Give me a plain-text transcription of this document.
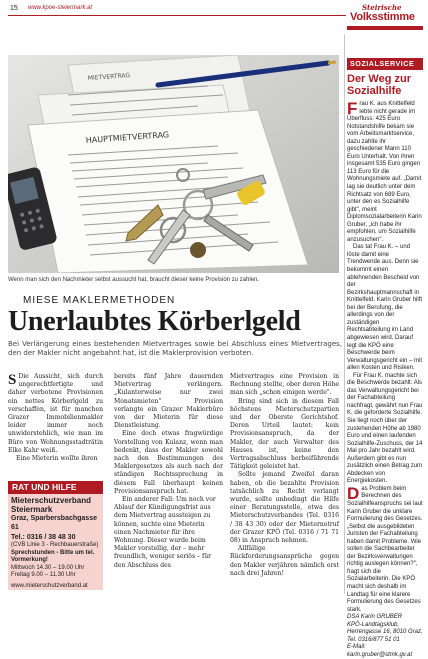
15 www.kpoe-steiermark.at	Steirische
Volksstimme
HAUPTMIETVERTRAG
MIETVERTRAG
Wenn man sich den Nachmieter selbst aussucht hat, braucht dieser keine Provision zu zahlen.
MIESE MAKLERMETHODEN
Unerlaubtes Körberlgeld
Bei Verlängerung eines bestehenden Mietvertrages sowie bei Abschluss eines Mietvertrages, den der Makler nicht angebahnt hat, ist die Maklerprovision verboten.

S Die Aussicht, sich durch ungerechtfertigte und daher verbotene Provisionen ein nettes Körberlgeld zu verschaffen, ist für manchen Grazer Immobilienmakler leider immer noch unwiderstehlich, wie man im Büro von Wohnungsstadträtin Elke Kahr weiß.

Eine Mieterin wollte ihren

bereits fünf Jahre dauernden Mietvertrag verlängern. „Kulanterweise nur zwei Monatsmieten" Provision verlangte ein Grazer Maklerbüro von der Mieterin für diese Dienstleistung.

Eine doch etwas fragwürdige Vorstellung von Kulanz, wenn man bedenkt, dass der Makler sowohl nach den Bestimmungen des Maklergesetzes als auch nach der ständigen Rechtssprechung in diesem Fall überhaupt keinen Provisionsanspruch hat.

Ein anderer Fall: Um noch vor Ablauf der Kündigungsfrist aus dem Mietvertrag aussteigen zu können, suchte eine Mieterin einen Nachmieter für ihre Wohnung. Dieser wurde beim Makler vorstellig, der – mehr freundlich, weniger seriös – für den Abschluss des

Mietvertrages eine Provision in Rechnung stellte, ober deren Höhe man sich „schon einigen werde".

Bring sind sich in diesem Fall höchstens Mieterschutzpartien und der Oberste Gerichtshof. Deren Urteil lautet: kein Provisionsanspruch, da der Makler, der auch Verwalter des Hauses ist, keine den Vertragsabschluss herbeiführende Tätigkeit geleistet hat.

Sollte jemand Zweifel daran haben, ob die bezahlte Provision tatsächlich zu Recht verlangt wurde, sollte unbedingt die Hilfe einer Beratungsstelle, etwa des Mieterschutzverbandes (Tel. 0316 / 38 43 30) oder der Mieternotruf der Grazer KPÖ (Tel. 0316 / 71 71 08) in Anspruch nehmen.

Allfällige Rückforderungsansprüche gegen den Makler verjähren nämlich erst nach drei Jahren!

RAT UND HILFE
Mieterschutzverband Steiermark
Graz, Sparbersbachgasse 61
Tel.: 0316 / 38 48 30
(CVB Linie 3 - Rechbauerstraße)
Sprechstunden - Bitte um tel. Vormerkung!
Mittwoch 14.30 – 19.00 Uhr
Freitag 9.00 – 11.30 Uhr
www.mieterschutzverband.at
SOZIALSERVICE
Der Weg zur Sozialhilfe

Frau K. aus Knittelfeld lebte nicht gerade im Überfluss: 425 Euro Notstandshilfe bekam sie vom Arbeitsmarktservice, dazu zahlte ihr geschiedener Mann 110 Euro Unterhalt. Von ihren insgesamt 535 Euro gingen 113 Euro für die Wohnungsmiete auf. „Damit lag sie deutlich unter dem Richtsatz von 689 Euro, unter den es Sozialhilfe gibt", meint Diplomsozialarbeiterin Karin Gruber, „ich habe ihr empfohlen, um Sozialhilfe anzusuchen".

Das tat Frau K. – und löste damit eine Trendwende aus. Denn sie bekommt einen ablehnenden Bescheid von der Bezirkshauptmannschaft in Knittelfeld. Karin Gruber hilft bei der Berufung, die allerdings von der zuständigen Rechtsabteilung im Land abgewiesen wird. Darauf legt die KPÖ eine Beschwerde beim Verwaltungsgericht ein – mit allen Kosten und Risiken.

Für Frau K. machte sich die Beschwerde bezahlt: Als das Verwaltungsgericht bei der Fachabteilung nachfragt, gewährt nun Frau K. die geforderte Sozialhilfe. Sie liegt noch über der zustehenden Höhe ab 1980 Euro und einen laufenden Sozialhilfe-Zuschuss, der 14 Mal pro Jahr bezahlt wird. Außerdem gibt es nun zusätzlich einen Betrag zum Abdecken von Energiekosten.

Das Problem beim Berechnen des Sozialhilfeanspruchs sei laut Karin Gruber die unklare Formulierung des Gesetzes. „Selbst die ausgebildeten Juristen der Fachabteilung haben damit Probleme. Wie sollen die Sachbearbeiter der Bezirksverwaltungen richtig auslegen können?", fragt sich die Sozialarbeiterin. Die KPÖ macht sich deshalb im Landtag für eine klarere Formulierung des Gesetzes stark.

DSA Karin GRUBER

KPÖ-Landtagsklub,

Herrengasse 16, 8010 Graz,

Tel. 0316/877 51 01

E-Mail: karin.gruber@stmk.gv.at
